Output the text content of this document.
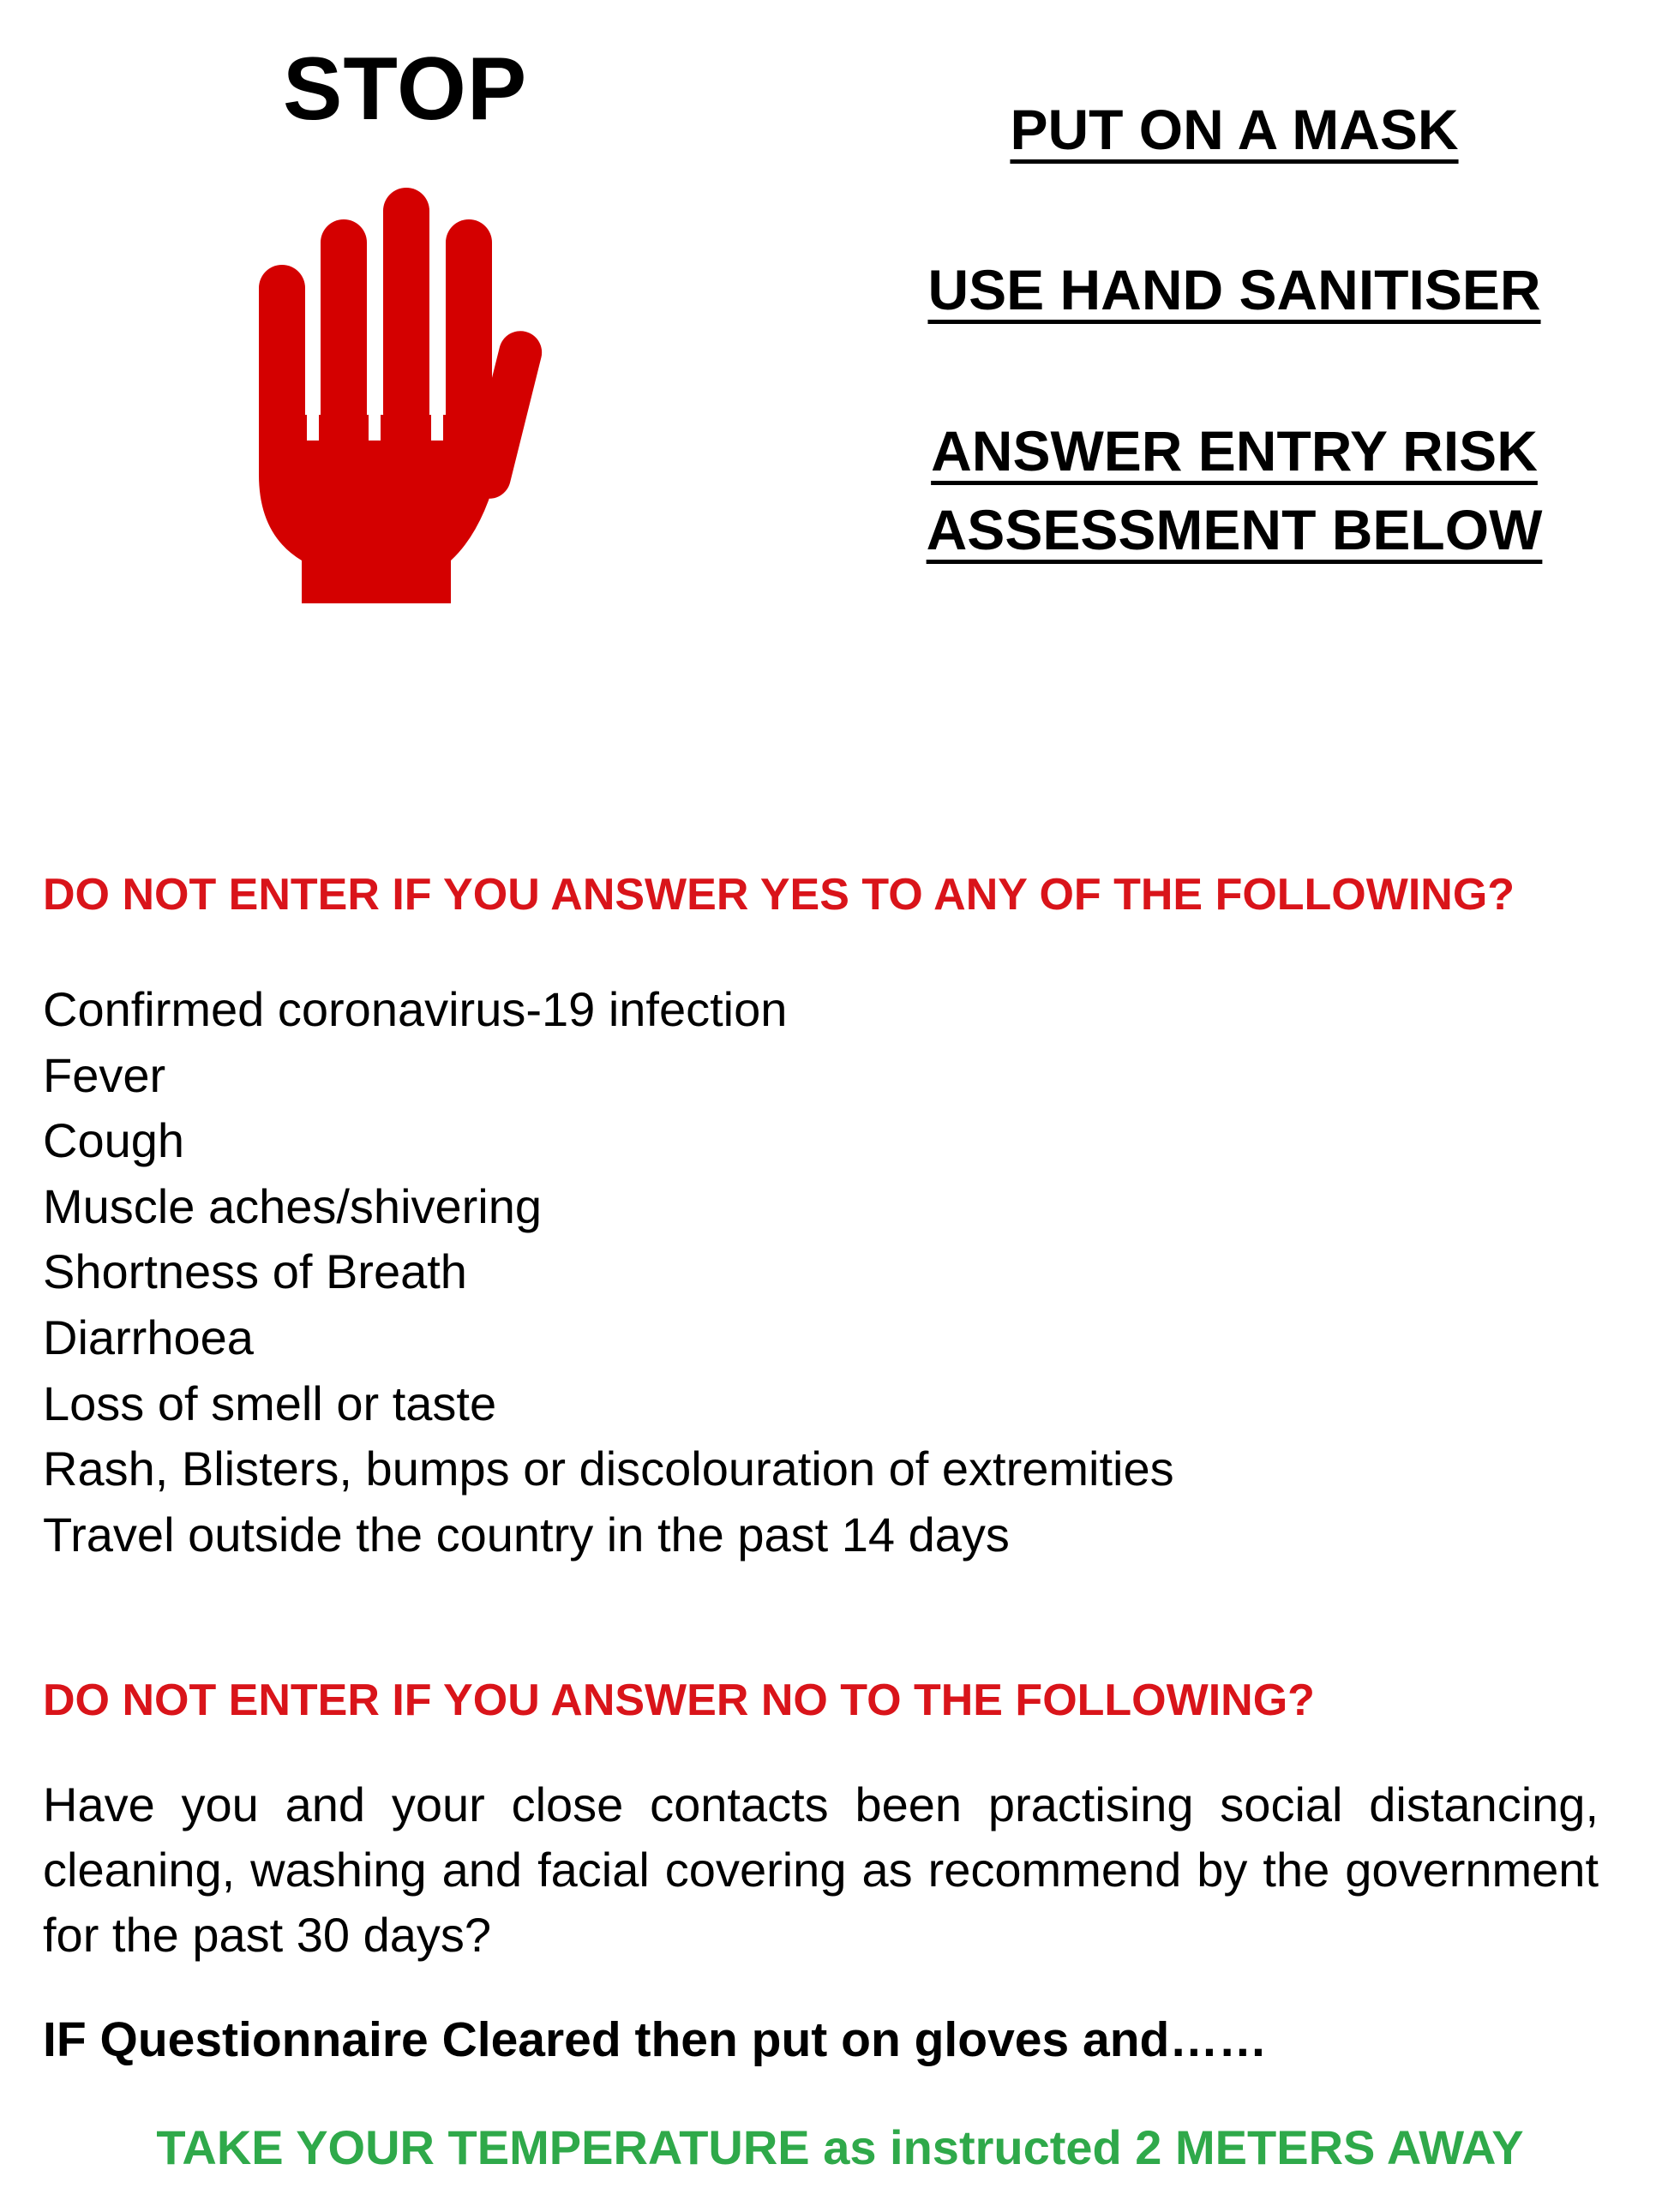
STOP	PUT ON A MASK
USE HAND SANITISER
ANSWER ENTRY RISK
ASSESSMENT BELOW
DO NOT ENTER IF YOU ANSWER YES TO ANY OF THE FOLLOWING?
Confirmed coronavirus-19 infection
Fever
Cough
Muscle aches/shivering
Shortness of Breath
Diarrhoea
Loss of smell or taste
Rash, Blisters, bumps or discolouration of extremities
Travel outside the country in the past 14 days
DO NOT ENTER IF YOU ANSWER NO TO THE FOLLOWING?

Have you and your close contacts been practising social distancing, cleaning, washing and facial covering as recommend by the government for the past 30 days?

IF Questionnaire Cleared then put on gloves and……

TAKE YOUR TEMPERATURE as instructed 2 METERS AWAY
